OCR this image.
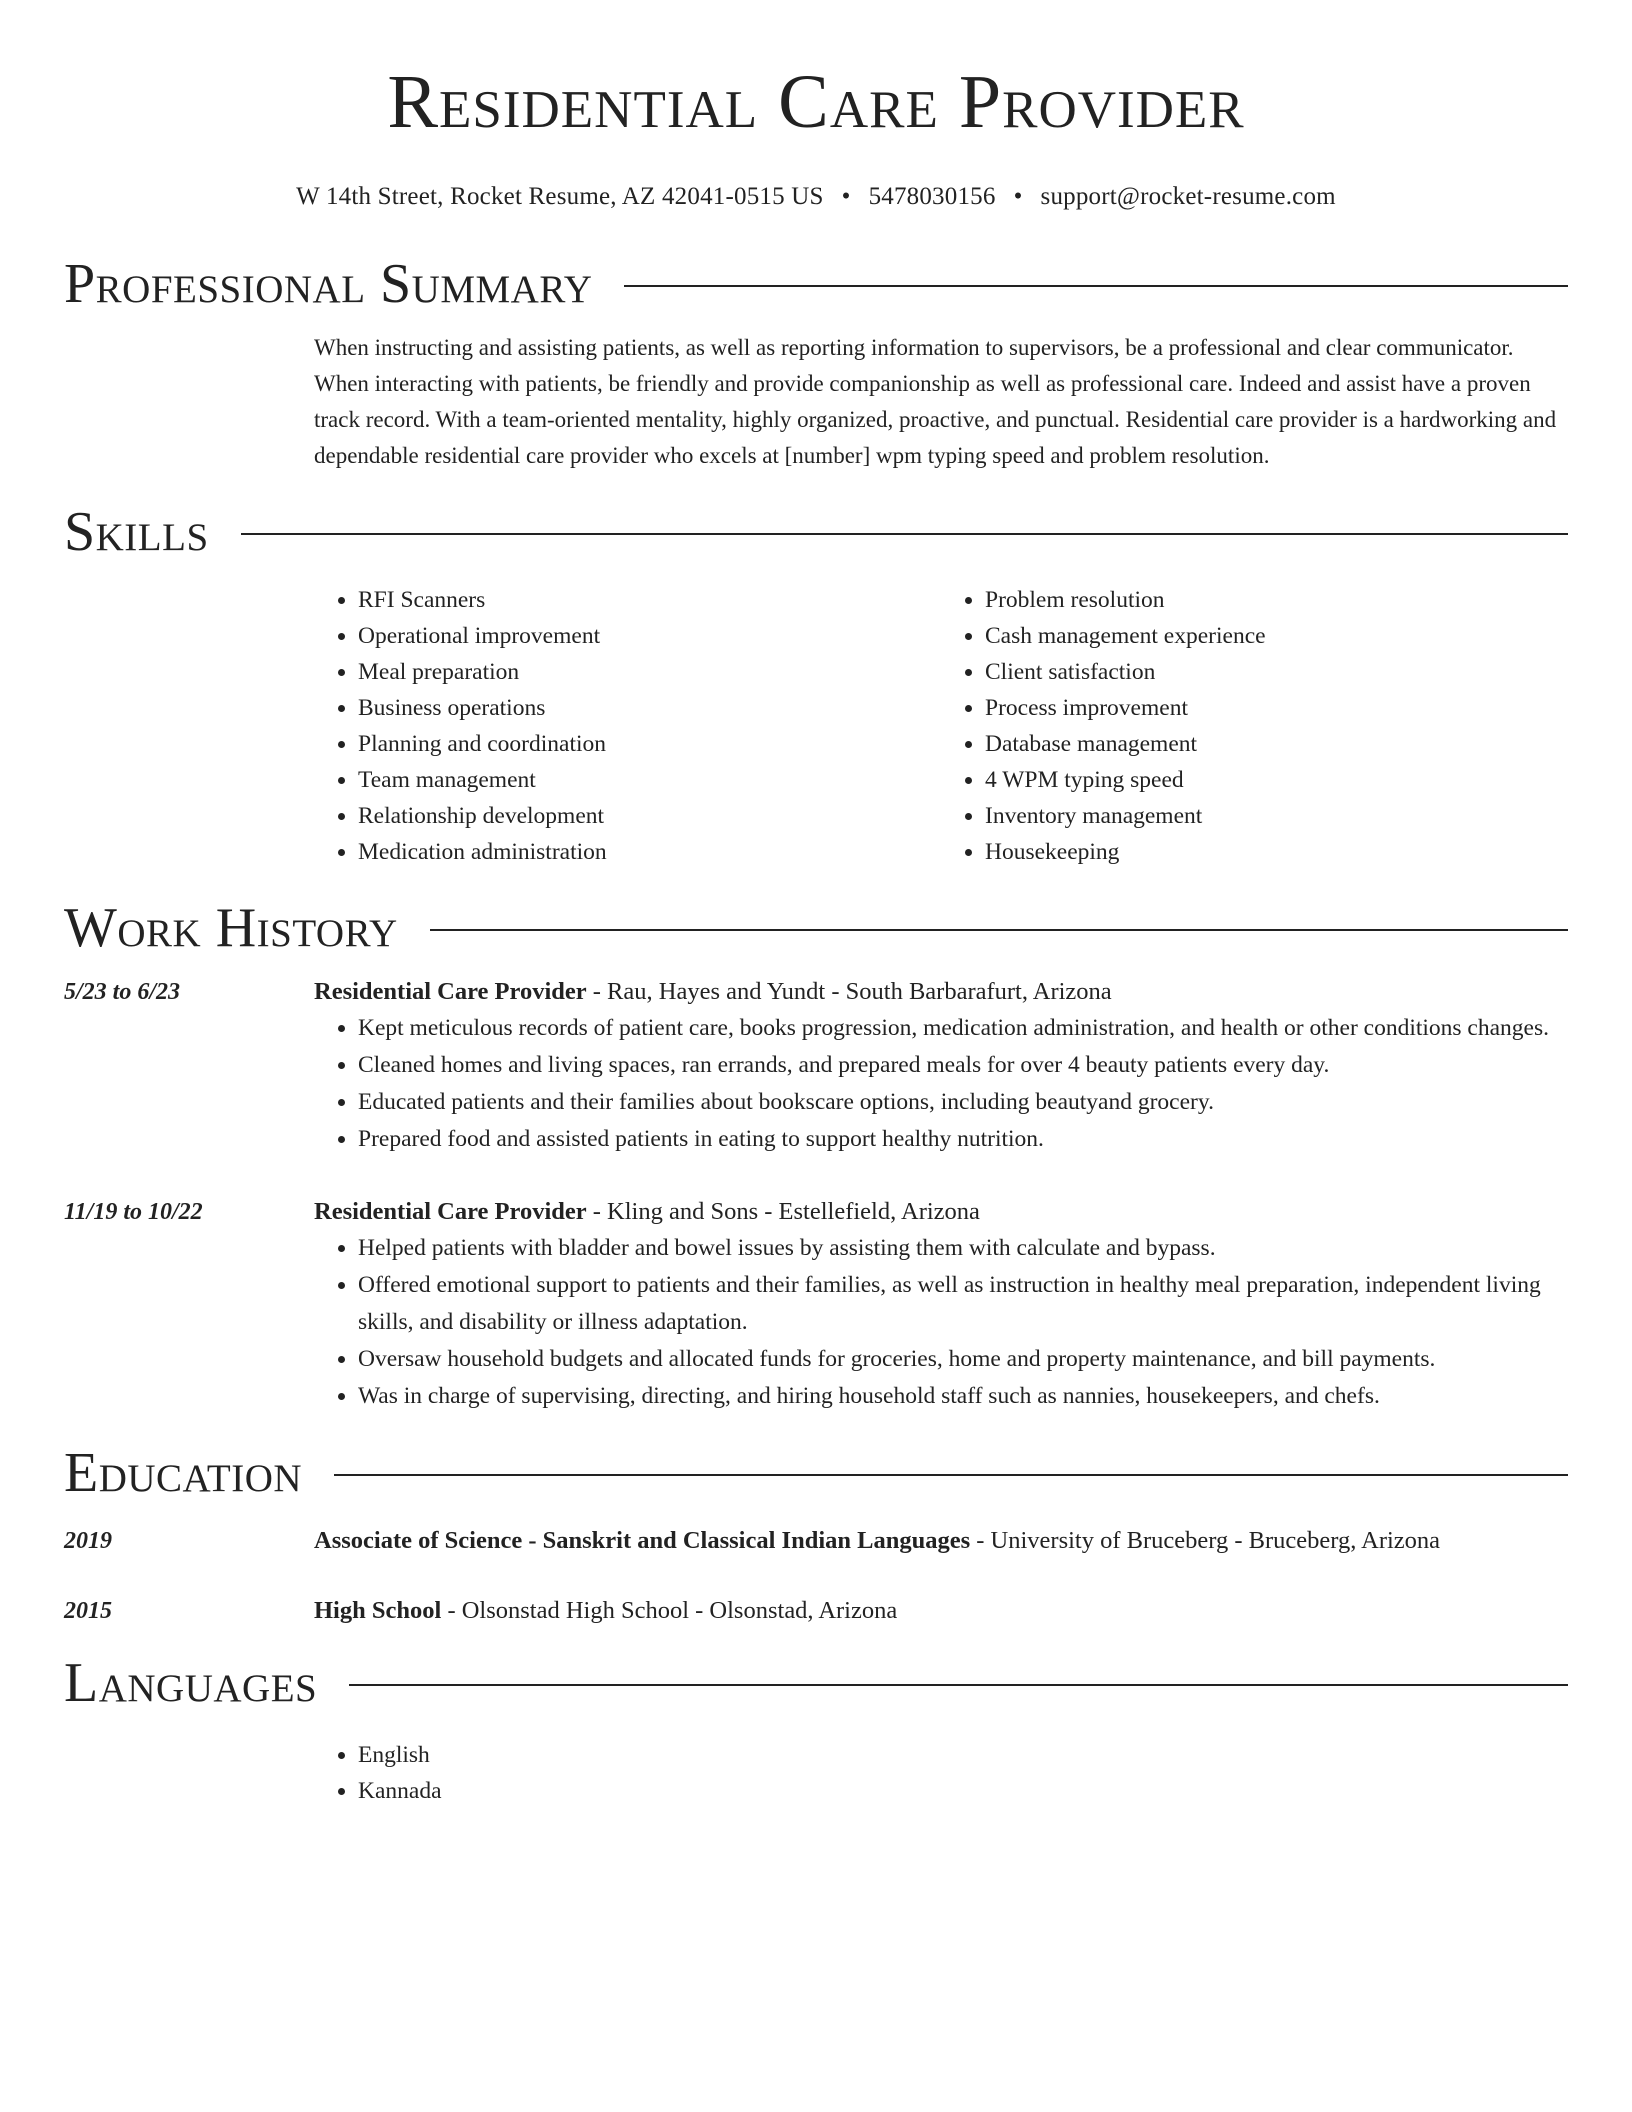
Residential Care Provider
W 14th Street, Rocket Resume, AZ 42041-0515 US • 5478030156 • support@rocket-resume.com
Professional Summary
When instructing and assisting patients, as well as reporting information to supervisors, be a professional and clear communicator. When interacting with patients, be friendly and provide companionship as well as professional care. Indeed and assist have a proven track record. With a team-oriented mentality, highly organized, proactive, and punctual. Residential care provider is a hardworking and dependable residential care provider who excels at [number] wpm typing speed and problem resolution.
Skills
• RFI Scanners
• Operational improvement
• Meal preparation
• Business operations
• Planning and coordination
• Team management
• Relationship development
• Medication administration
• Problem resolution
• Cash management experience
• Client satisfaction
• Process improvement
• Database management
• 4 WPM typing speed
• Inventory management
• Housekeeping
Work History
5/23 to 6/23	Residential Care Provider - Rau, Hayes and Yundt - South Barbarafurt, Arizona
• Kept meticulous records of patient care, books progression, medication administration, and health or other conditions changes.
• Cleaned homes and living spaces, ran errands, and prepared meals for over 4 beauty patients every day.
• Educated patients and their families about bookscare options, including beautyand grocery.
• Prepared food and assisted patients in eating to support healthy nutrition.
11/19 to 10/22	Residential Care Provider - Kling and Sons - Estellefield, Arizona
• Helped patients with bladder and bowel issues by assisting them with calculate and bypass.
• Offered emotional support to patients and their families, as well as instruction in healthy meal preparation, independent living skills, and disability or illness adaptation.
• Oversaw household budgets and allocated funds for groceries, home and property maintenance, and bill payments.
• Was in charge of supervising, directing, and hiring household staff such as nannies, housekeepers, and chefs.
Education
2019	Associate of Science - Sanskrit and Classical Indian Languages - University of Bruceberg - Bruceberg, Arizona
2015	High School - Olsonstad High School - Olsonstad, Arizona
Languages
• English
• Kannada
